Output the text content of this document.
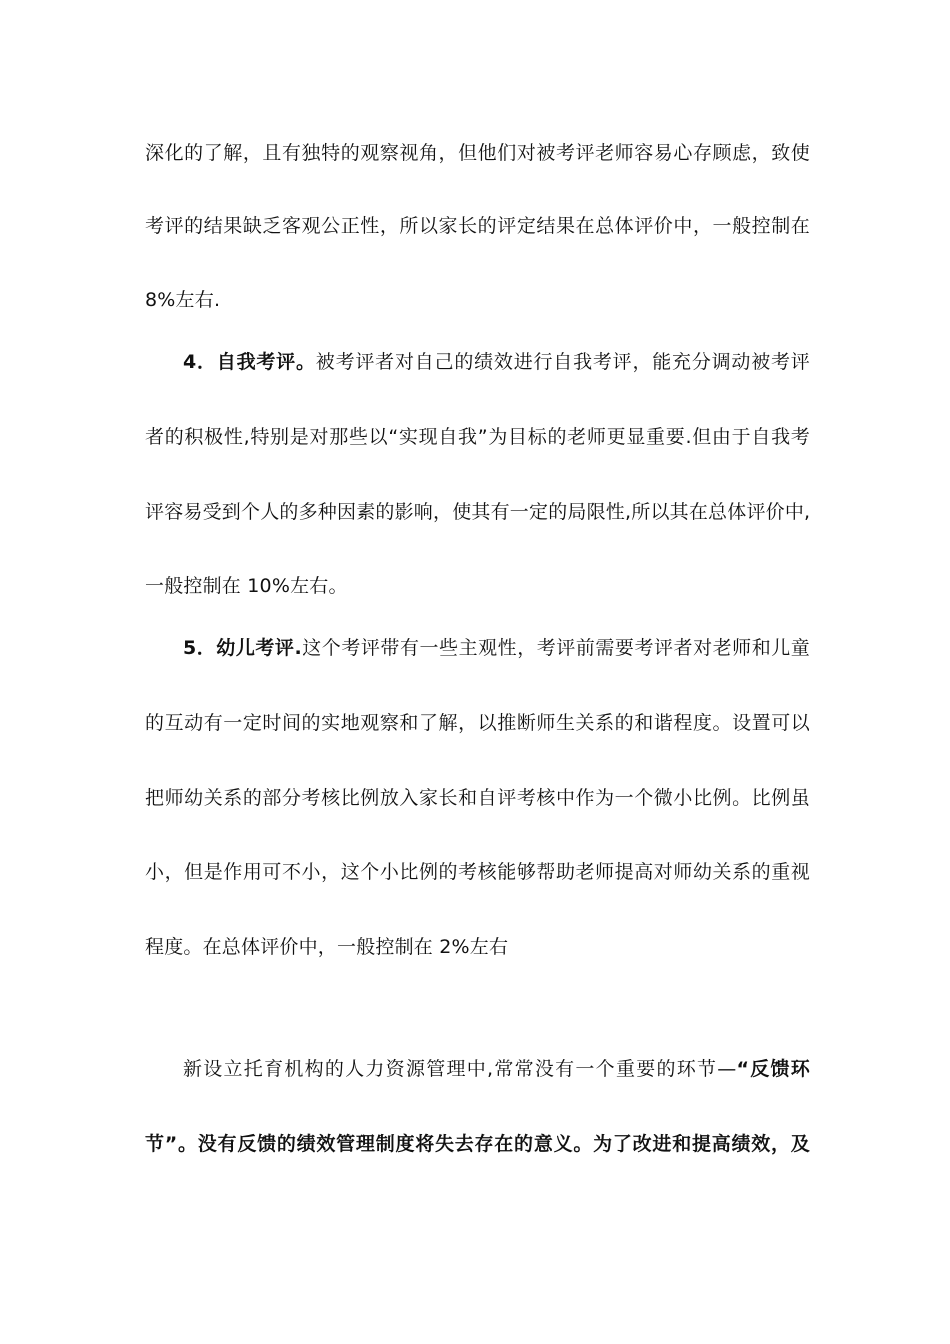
深化的了解，且有独特的观察视角，但他们对被考评老师容易心存顾虑，致使
考评的结果缺乏客观公正性，所以家长的评定结果在总体评价中，一般控制在
8%左右.
4．自我考评。被考评者对自己的绩效进行自我考评，能充分调动被考评
者的积极性,特别是对那些以“实现自我”为目标的老师更显重要.但由于自我考
评容易受到个人的多种因素的影响，使其有一定的局限性,所以其在总体评价中,
一般控制在 10%左右。
5．幼儿考评.这个考评带有一些主观性，考评前需要考评者对老师和儿童
的互动有一定时间的实地观察和了解，以推断师生关系的和谐程度。设置可以
把师幼关系的部分考核比例放入家长和自评考核中作为一个微小比例。比例虽
小，但是作用可不小，这个小比例的考核能够帮助老师提高对师幼关系的重视
程度。在总体评价中，一般控制在 2%左右
新设立托育机构的人力资源管理中,常常没有一个重要的环节—“反馈环
节”。没有反馈的绩效管理制度将失去存在的意义。为了改进和提高绩效，及
